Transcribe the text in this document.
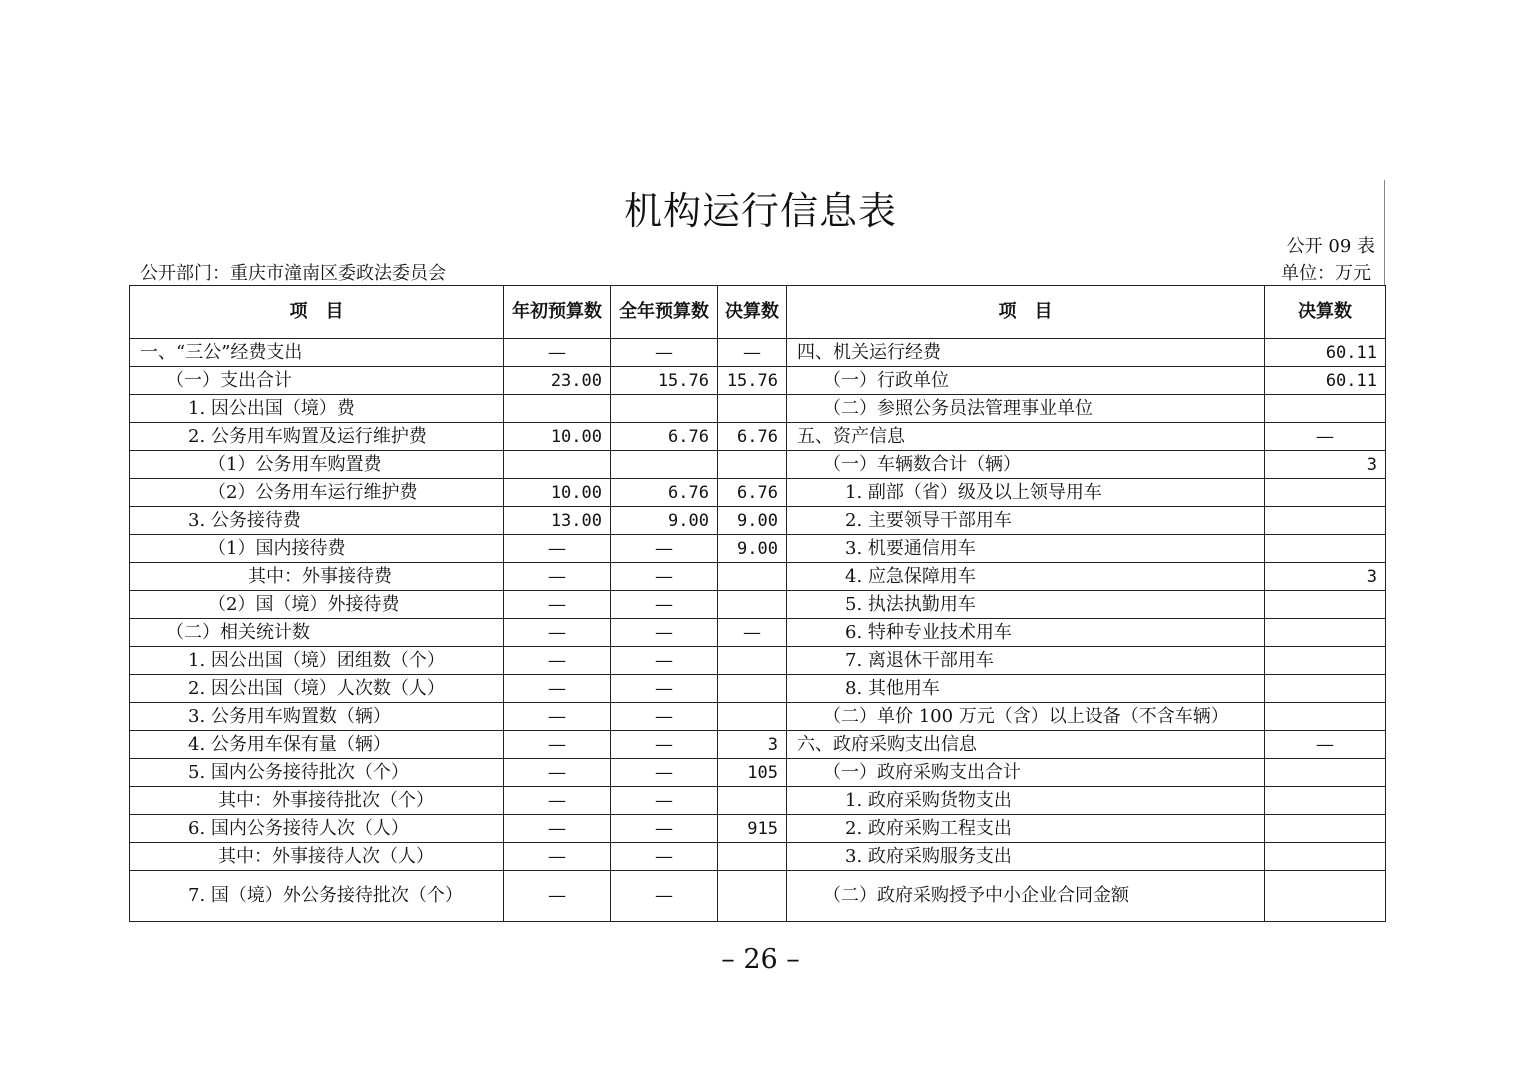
机构运行信息表
公开 09 表
公开部门：重庆市潼南区委政法委员会	单位：万元
项　目	年初预算数	全年预算数	决算数	项　目	决算数
一、“三公”经费支出	—	—	—	四、机关运行经费	60.11
（一）支出合计	23.00	15.76	15.76	（一）行政单位	60.11
1. 因公出国（境）费				（二）参照公务员法管理事业单位	
2. 公务用车购置及运行维护费	10.00	6.76	6.76	五、资产信息	—
（1）公务用车购置费				（一）车辆数合计（辆）	3
（2）公务用车运行维护费	10.00	6.76	6.76	1. 副部（省）级及以上领导用车	
3. 公务接待费	13.00	9.00	9.00	2. 主要领导干部用车	
（1）国内接待费	—	—	9.00	3. 机要通信用车	
其中：外事接待费	—	—		4. 应急保障用车	3
（2）国（境）外接待费	—	—		5. 执法执勤用车	
（二）相关统计数	—	—	—	6. 特种专业技术用车	
1. 因公出国（境）团组数（个）	—	—		7. 离退休干部用车	
2. 因公出国（境）人次数（人）	—	—		8. 其他用车	
3. 公务用车购置数（辆）	—	—		（二）单价 100 万元（含）以上设备（不含车辆）	
4. 公务用车保有量（辆）	—	—	3	六、政府采购支出信息	—
5. 国内公务接待批次（个）	—	—	105	（一）政府采购支出合计	
其中：外事接待批次（个）	—	—		1. 政府采购货物支出	
6. 国内公务接待人次（人）	—	—	915	2. 政府采购工程支出	
其中：外事接待人次（人）	—	—		3. 政府采购服务支出	
7. 国（境）外公务接待批次（个）	—	—		（二）政府采购授予中小企业合同金额	
– 26 –
